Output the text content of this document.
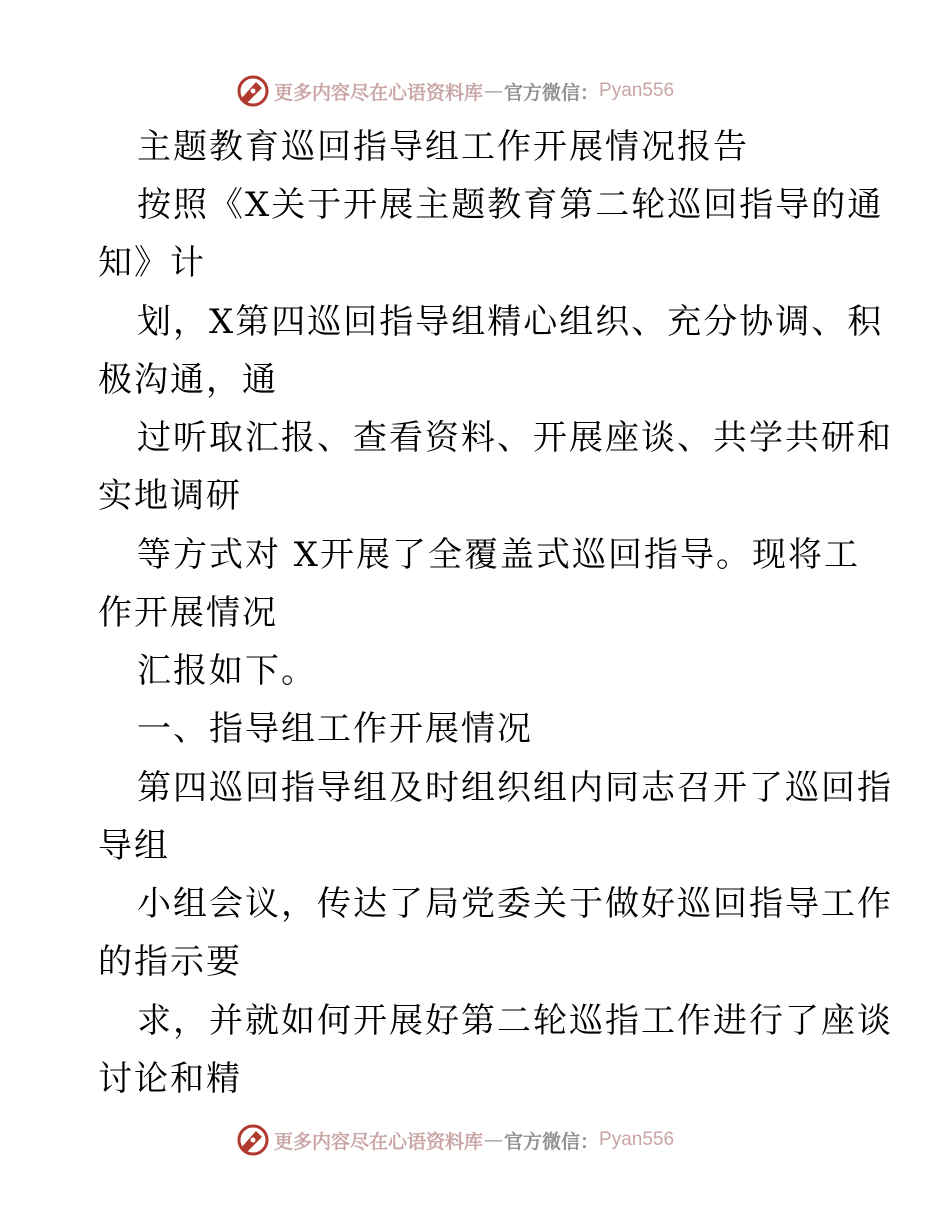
更多内容尽在心语资料库 — 官方微信： Pyan556
主题教育巡回指导组工作开展情况报告
按照《X关于开展主题教育第二轮巡回指导的通
知》计
划，X第四巡回指导组精心组织、充分协调、积
极沟通，通
过听取汇报、查看资料、开展座谈、共学共研和
实地调研
等方式对 X开展了全覆盖式巡回指导。现将工
作开展情况
汇报如下。
一、指导组工作开展情况
第四巡回指导组及时组织组内同志召开了巡回指
导组
小组会议，传达了局党委关于做好巡回指导工作
的指示要
求，并就如何开展好第二轮巡指工作进行了座谈
讨论和精
更多内容尽在心语资料库 — 官方微信： Pyan556
